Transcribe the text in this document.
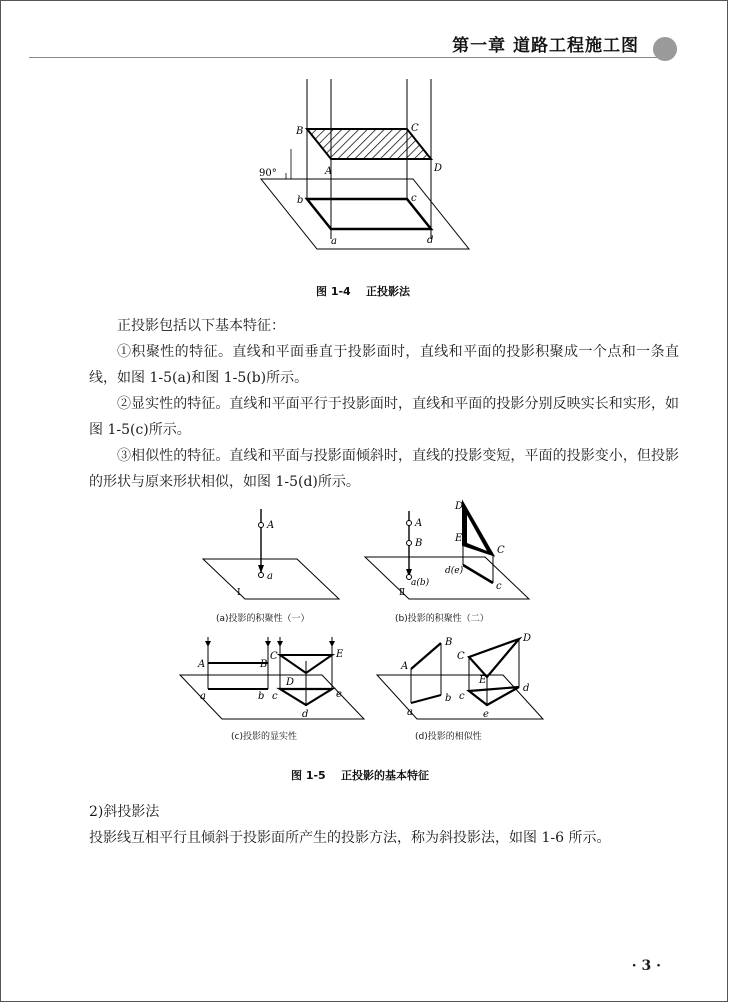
第一章 道路工程施工图
90°
B	C
A	D
b	c
a	d
图 1-4    正投影法

正投影包括以下基本特征：

①积聚性的特征。直线和平面垂直于投影面时，直线和平面的投影积聚成一个点和一条直线，如图 1-5(a)和图 1-5(b)所示。

②显实性的特征。直线和平面平行于投影面时，直线和平面的投影分别反映实长和实形，如图 1-5(c)所示。

③相似性的特征。直线和平面与投影面倾斜时，直线的投影变短，平面的投影变小，但投影的形状与原来形状相似，如图 1-5(d)所示。

A
a
Ⅰ
(a)投影的积聚性（一）
A
B
a(b)
Ⅱ
D
E
C
d(e)
c
(b)投影的积聚性（二）
A	B
a	b
C
D
E
c
d
e
(c)投影的显实性
A
B
a
b
C
D
E
c
d
e
(d)投影的相似性
图 1-5    正投影的基本特征

2)斜投影法

投影线互相平行且倾斜于投影面所产生的投影方法，称为斜投影法，如图 1-6 所示。

· 3 ·
